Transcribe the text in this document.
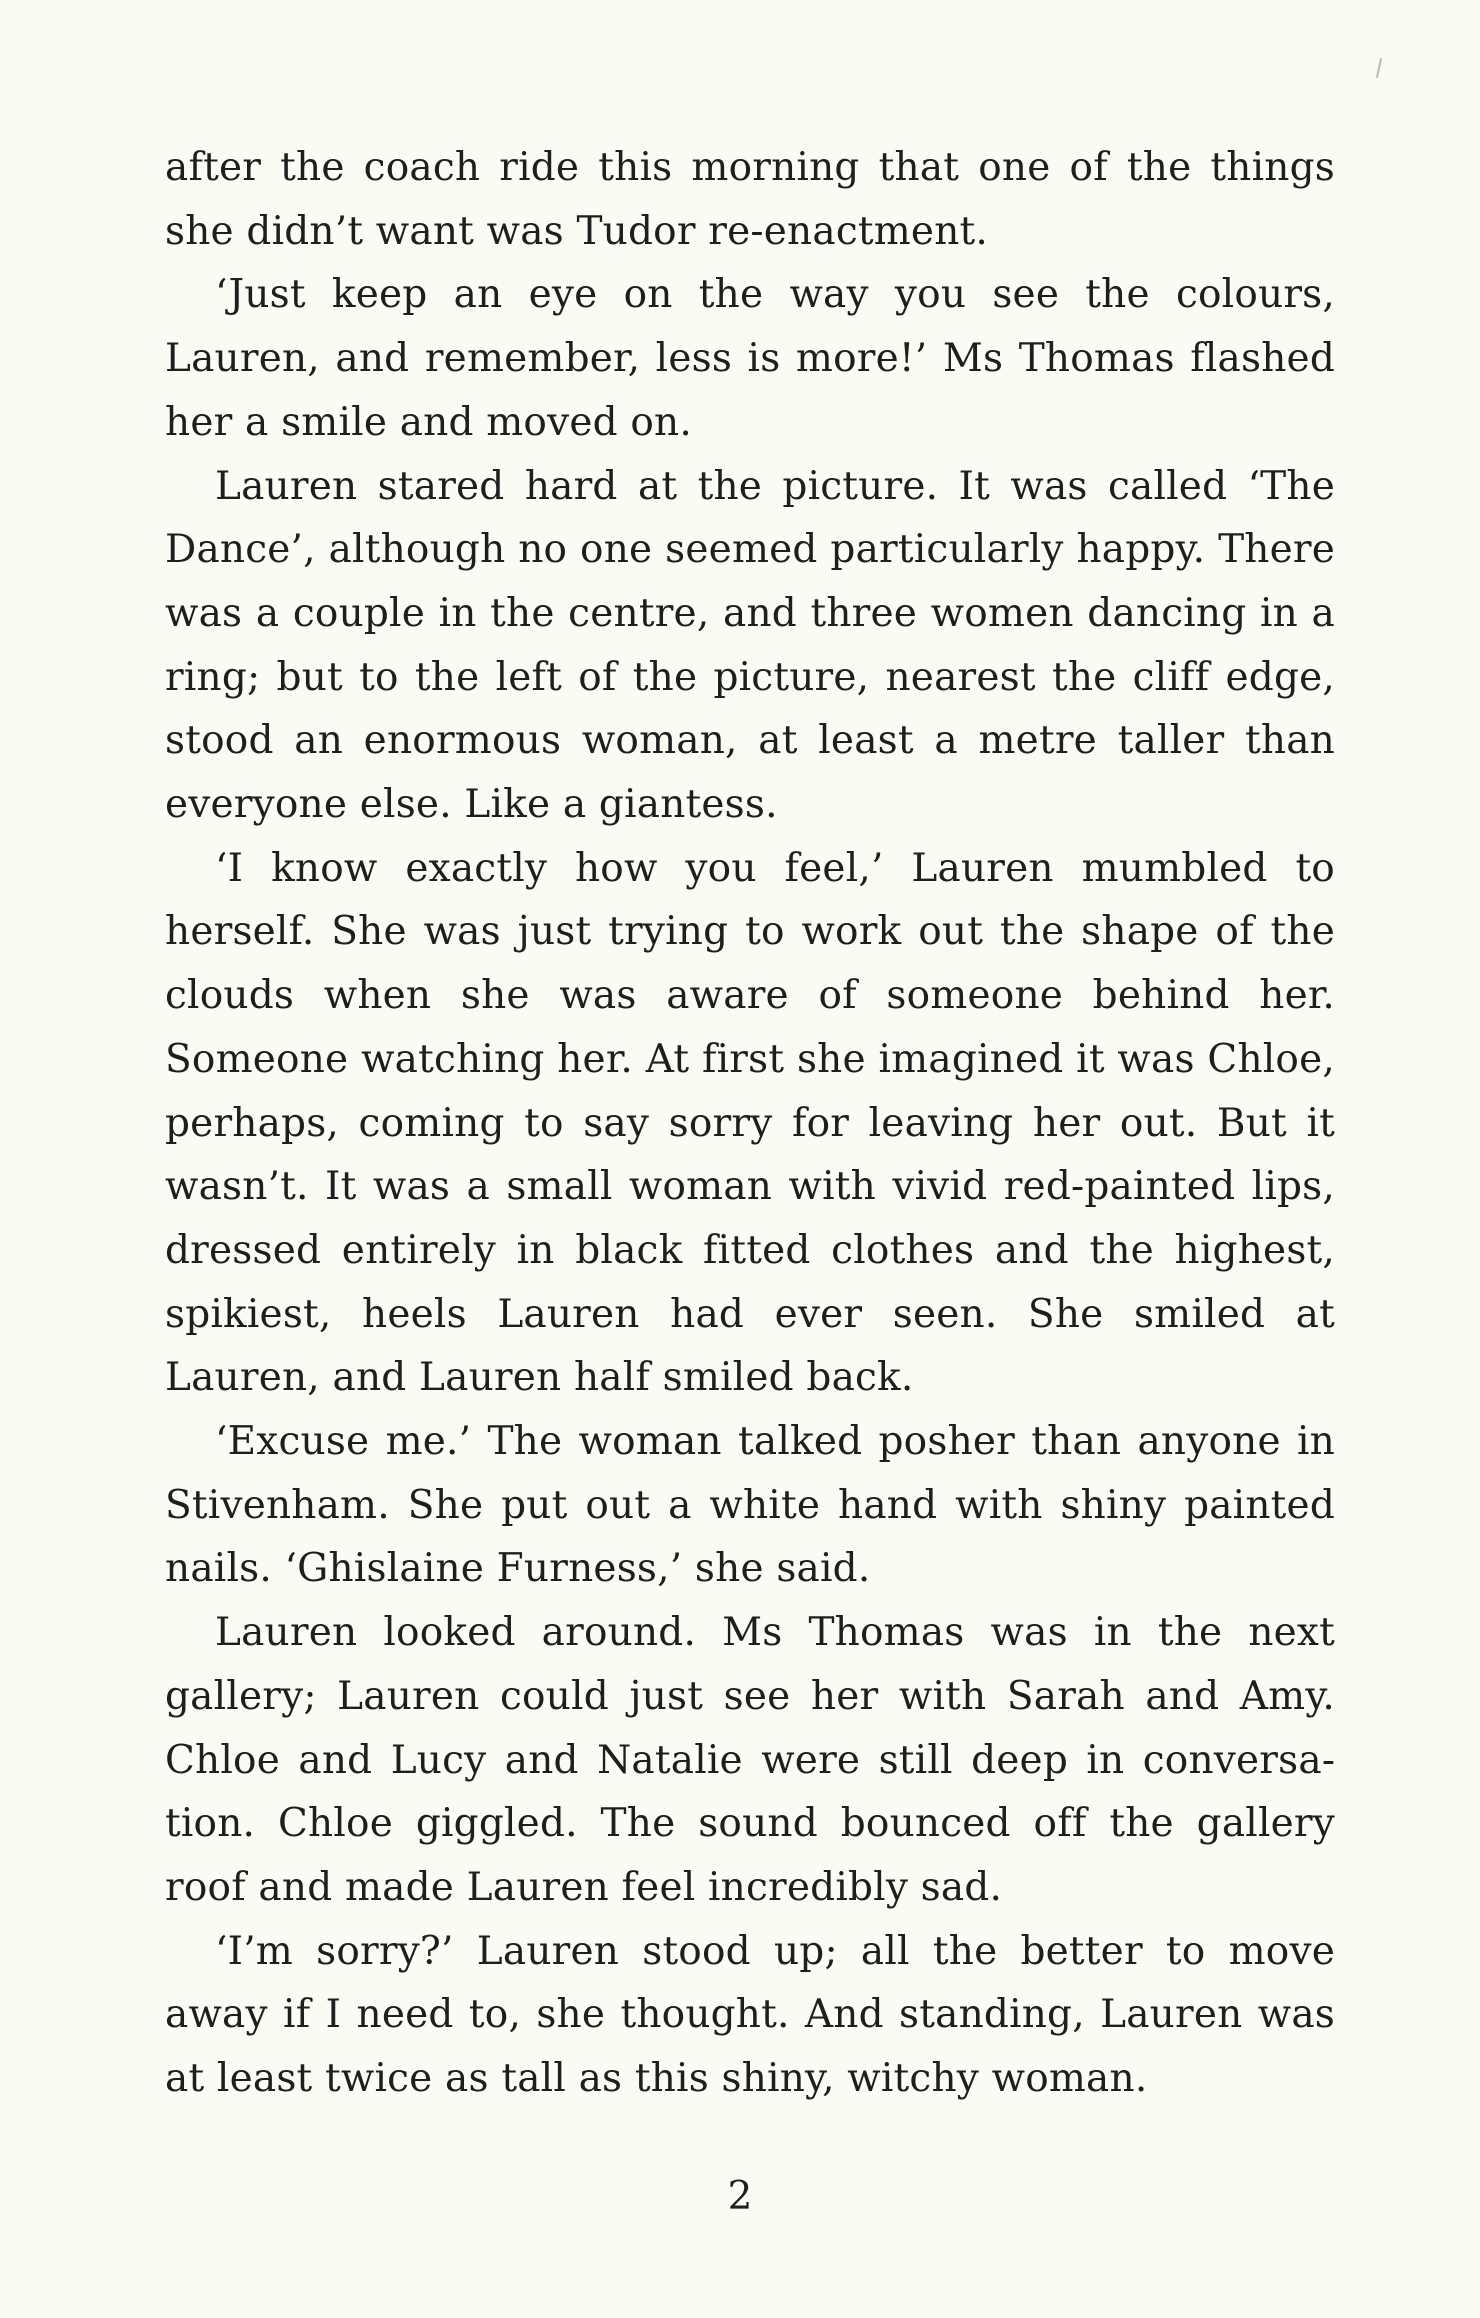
after the coach ride this morning that one of the things she didn’t want was Tudor re-enactment.

‘Just keep an eye on the way you see the colours, Lauren, and remember, less is more!’ Ms Thomas flashed her a smile and moved on.

Lauren stared hard at the picture. It was called ‘The Dance’, although no one seemed particularly happy. There was a couple in the centre, and three women dancing in a ring; but to the left of the picture, nearest the cliff edge, stood an enormous woman, at least a metre taller than everyone else. Like a giantess.

‘I know exactly how you feel,’ Lauren mumbled to herself. She was just trying to work out the shape of the clouds when she was aware of someone behind her. Someone watching her. At first she imagined it was Chloe, perhaps, coming to say sorry for leaving her out. But it wasn’t. It was a small woman with vivid red-painted lips, dressed entirely in black fitted clothes and the highest, spikiest, heels Lauren had ever seen. She smiled at Lauren, and Lauren half smiled back.

‘Excuse me.’ The woman talked posher than anyone in Stivenham. She put out a white hand with shiny painted nails. ‘Ghislaine Furness,’ she said.

Lauren looked around. Ms Thomas was in the next gallery; Lauren could just see her with Sarah and Amy. Chloe and Lucy and Natalie were still deep in conversation. Chloe giggled. The sound bounced off the gallery roof and made Lauren feel incredibly sad.

‘I’m sorry?’ Lauren stood up; all the better to move away if I need to, she thought. And standing, Lauren was at least twice as tall as this shiny, witchy woman.

2
